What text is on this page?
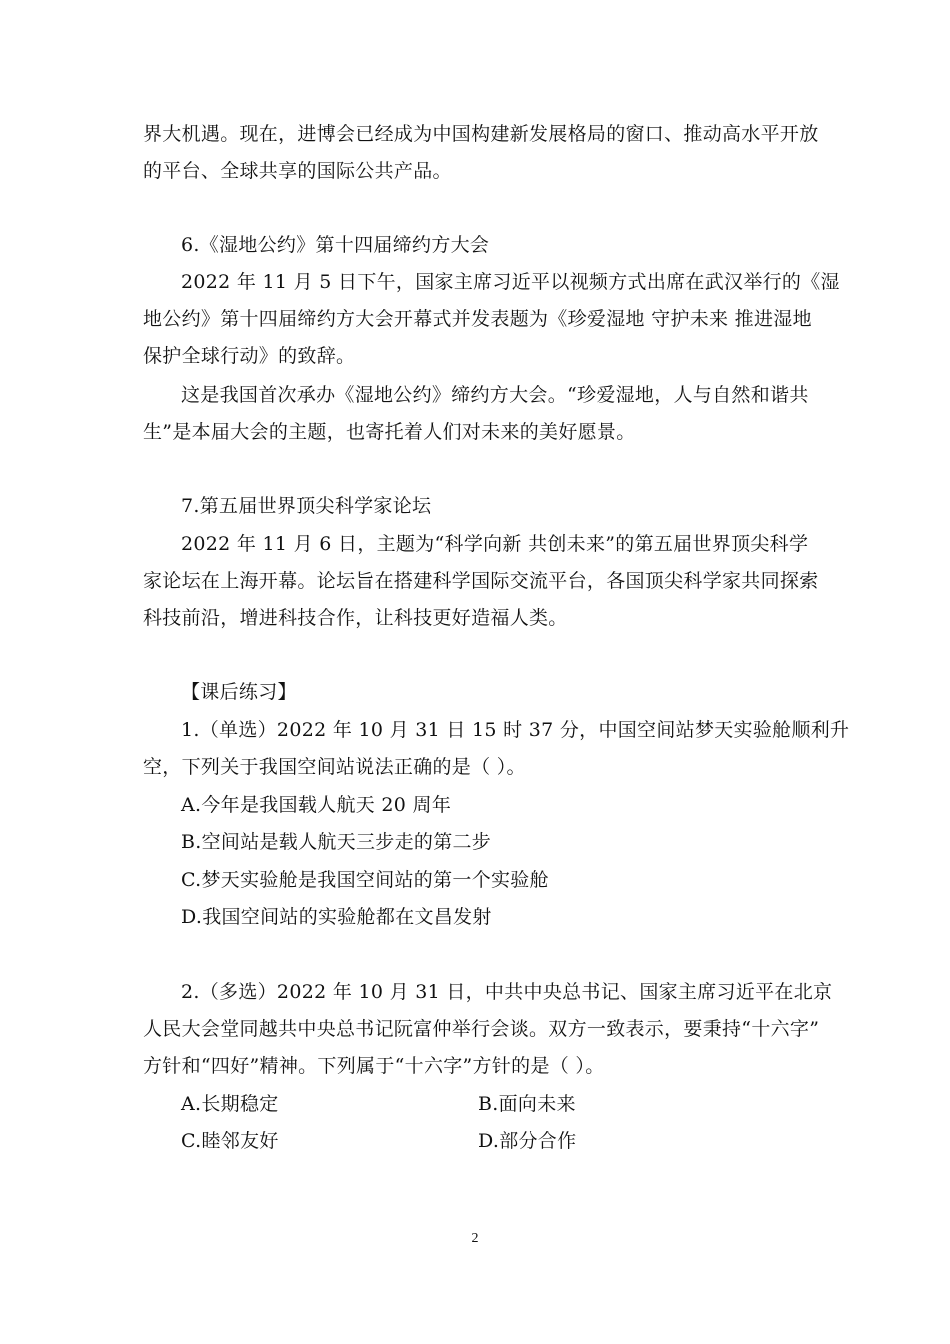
界大机遇。现在，进博会已经成为中国构建新发展格局的窗口、推动高水平开放
的平台、全球共享的国际公共产品。
6.《湿地公约》第十四届缔约方大会
2022 年 11 月 5 日下午，国家主席习近平以视频方式出席在武汉举行的《湿
地公约》第十四届缔约方大会开幕式并发表题为《珍爱湿地 守护未来 推进湿地
保护全球行动》的致辞。
这是我国首次承办《湿地公约》缔约方大会。“珍爱湿地，人与自然和谐共
生”是本届大会的主题，也寄托着人们对未来的美好愿景。
7.第五届世界顶尖科学家论坛
2022 年 11 月 6 日，主题为“科学向新 共创未来”的第五届世界顶尖科学
家论坛在上海开幕。论坛旨在搭建科学国际交流平台，各国顶尖科学家共同探索
科技前沿，增进科技合作，让科技更好造福人类。
【课后练习】
1.（单选）2022 年 10 月 31 日 15 时 37 分，中国空间站梦天实验舱顺利升
空，下列关于我国空间站说法正确的是（ ）。
A.今年是我国载人航天 20 周年
B.空间站是载人航天三步走的第二步
C.梦天实验舱是我国空间站的第一个实验舱
D.我国空间站的实验舱都在文昌发射
2.（多选）2022 年 10 月 31 日，中共中央总书记、国家主席习近平在北京
人民大会堂同越共中央总书记阮富仲举行会谈。双方一致表示，要秉持“十六字”
方针和“四好”精神。下列属于“十六字”方针的是（ ）。
A.长期稳定	B.面向未来
C.睦邻友好	D.部分合作
2
